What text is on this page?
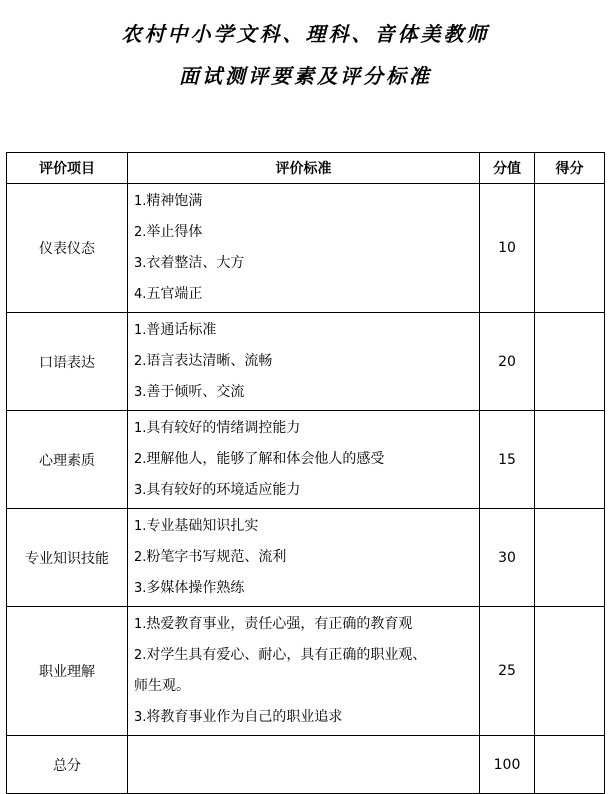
农村中小学文科、理科、音体美教师
面试测评要素及评分标准
评价项目	评价标准	分值	得分
仪表仪态	1.精神饱满
2.举止得体
3.衣着整洁、大方
4.五官端正	10	
口语表达	1.普通话标准
2.语言表达清晰、流畅
3.善于倾听、交流	20	
心理素质	1.具有较好的情绪调控能力
2.理解他人，能够了解和体会他人的感受
3.具有较好的环境适应能力	15	
专业知识技能	1.专业基础知识扎实
2.粉笔字书写规范、流利
3.多媒体操作熟练	30	
职业理解	1.热爱教育事业，责任心强，有正确的教育观
2.对学生具有爱心、耐心，具有正确的职业观、
师生观。
3.将教育事业作为自己的职业追求	25	
总分		100	
